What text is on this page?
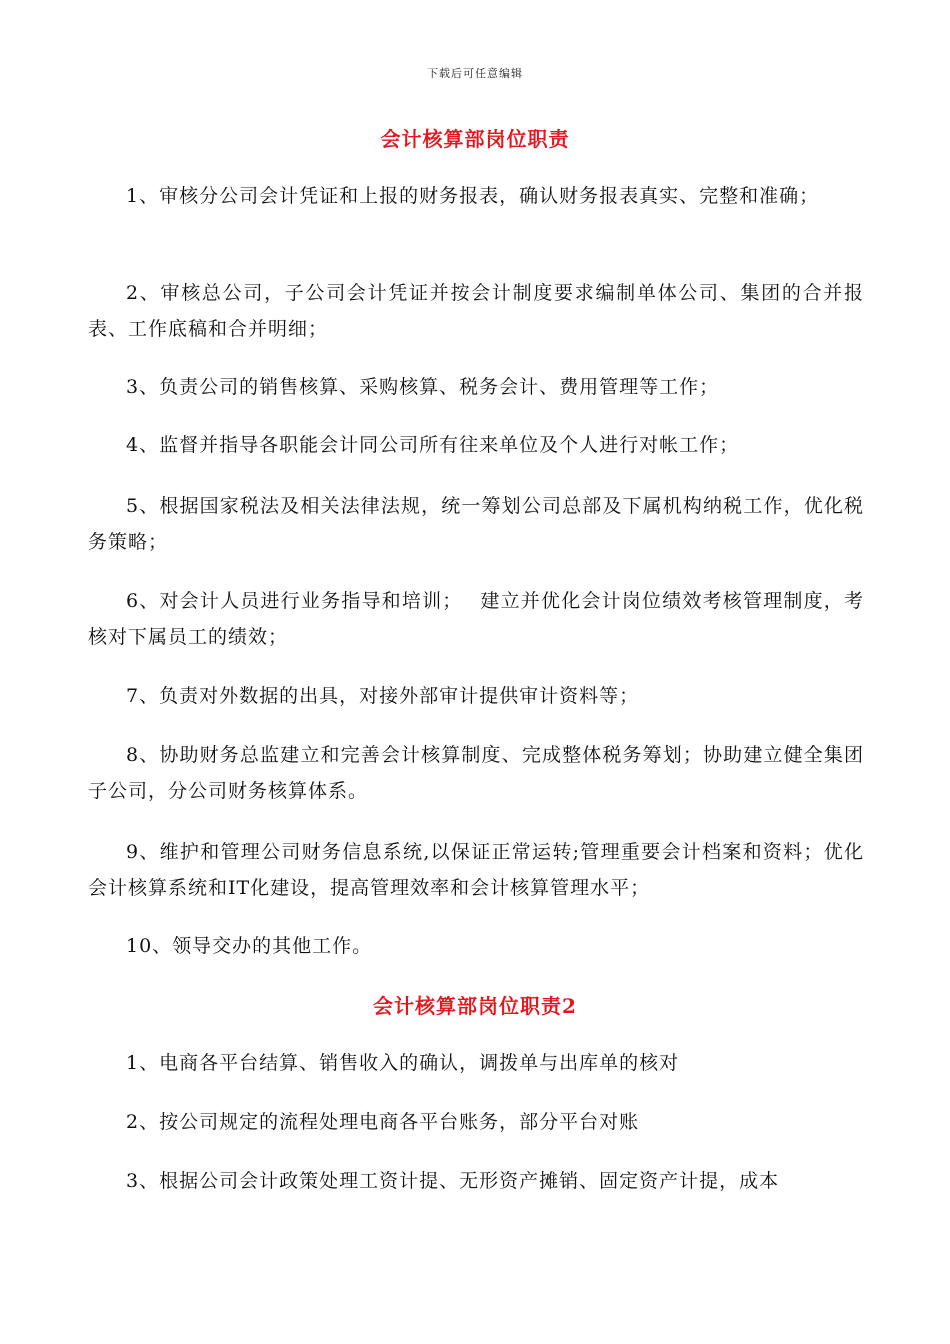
下载后可任意编辑
会计核算部岗位职责

1、审核分公司会计凭证和上报的财务报表，确认财务报表真实、完整和准确；

2、审核总公司，子公司会计凭证并按会计制度要求编制单体公司、集团的合并报表、工作底稿和合并明细；

3、负责公司的销售核算、采购核算、税务会计、费用管理等工作；

4、监督并指导各职能会计同公司所有往来单位及个人进行对帐工作；

5、根据国家税法及相关法律法规，统一筹划公司总部及下属机构纳税工作，优化税务策略；

6、对会计人员进行业务指导和培训；　 建立并优化会计岗位绩效考核管理制度，考核对下属员工的绩效；

7、负责对外数据的出具，对接外部审计提供审计资料等；

8、协助财务总监建立和完善会计核算制度、完成整体税务筹划；协助建立健全集团子公司，分公司财务核算体系。

9、维护和管理公司财务信息系统,以保证正常运转;管理重要会计档案和资料；优化会计核算系统和IT化建设，提高管理效率和会计核算管理水平；

10、领导交办的其他工作。

会计核算部岗位职责2

1、电商各平台结算、销售收入的确认，调拨单与出库单的核对

2、按公司规定的流程处理电商各平台账务，部分平台对账

3、根据公司会计政策处理工资计提、无形资产摊销、固定资产计提，成本
